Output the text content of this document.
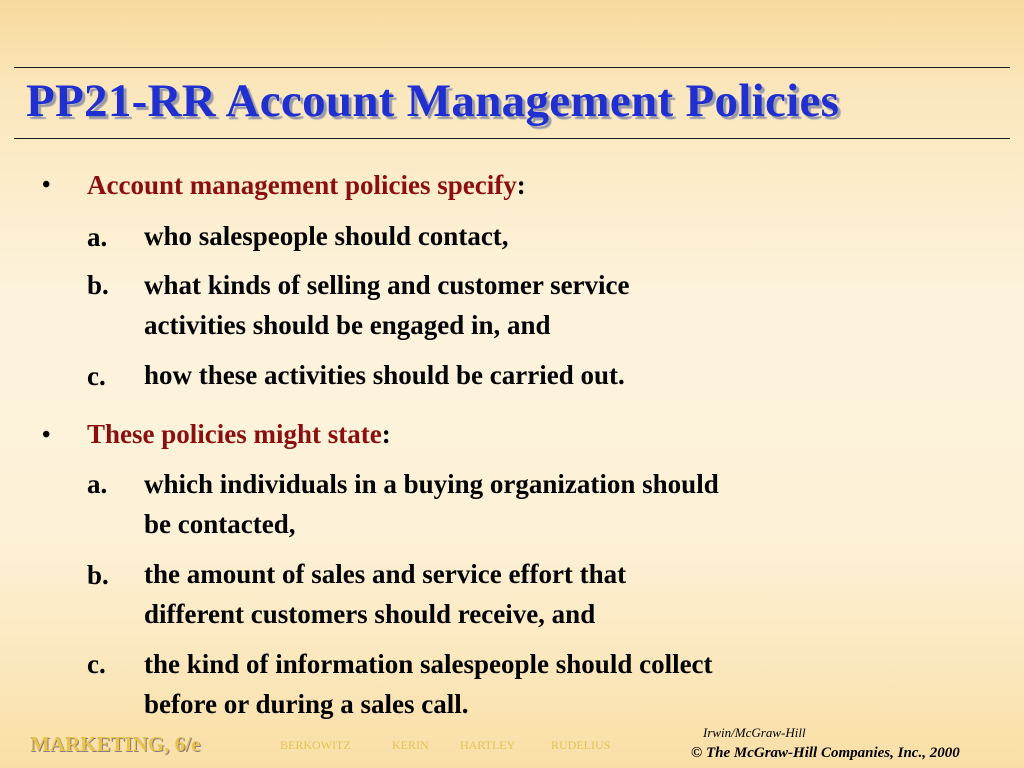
PP21-RR Account Management Policies
• Account management policies specify:
a. who salespeople should contact,
b. what kinds of selling and customer service
activities should be engaged in, and
c. how these activities should be carried out.
• These policies might state:
a. which individuals in a buying organization should
be contacted,
b. the amount of sales and service effort that
different customers should receive, and
c. the kind of information salespeople should collect
before or during a sales call.
MARKETING, 6/e	BERKOWITZ	KERIN	HARTLEY	RUDELIUS
Irwin/McGraw-Hill
© The McGraw-Hill Companies, Inc., 2000
